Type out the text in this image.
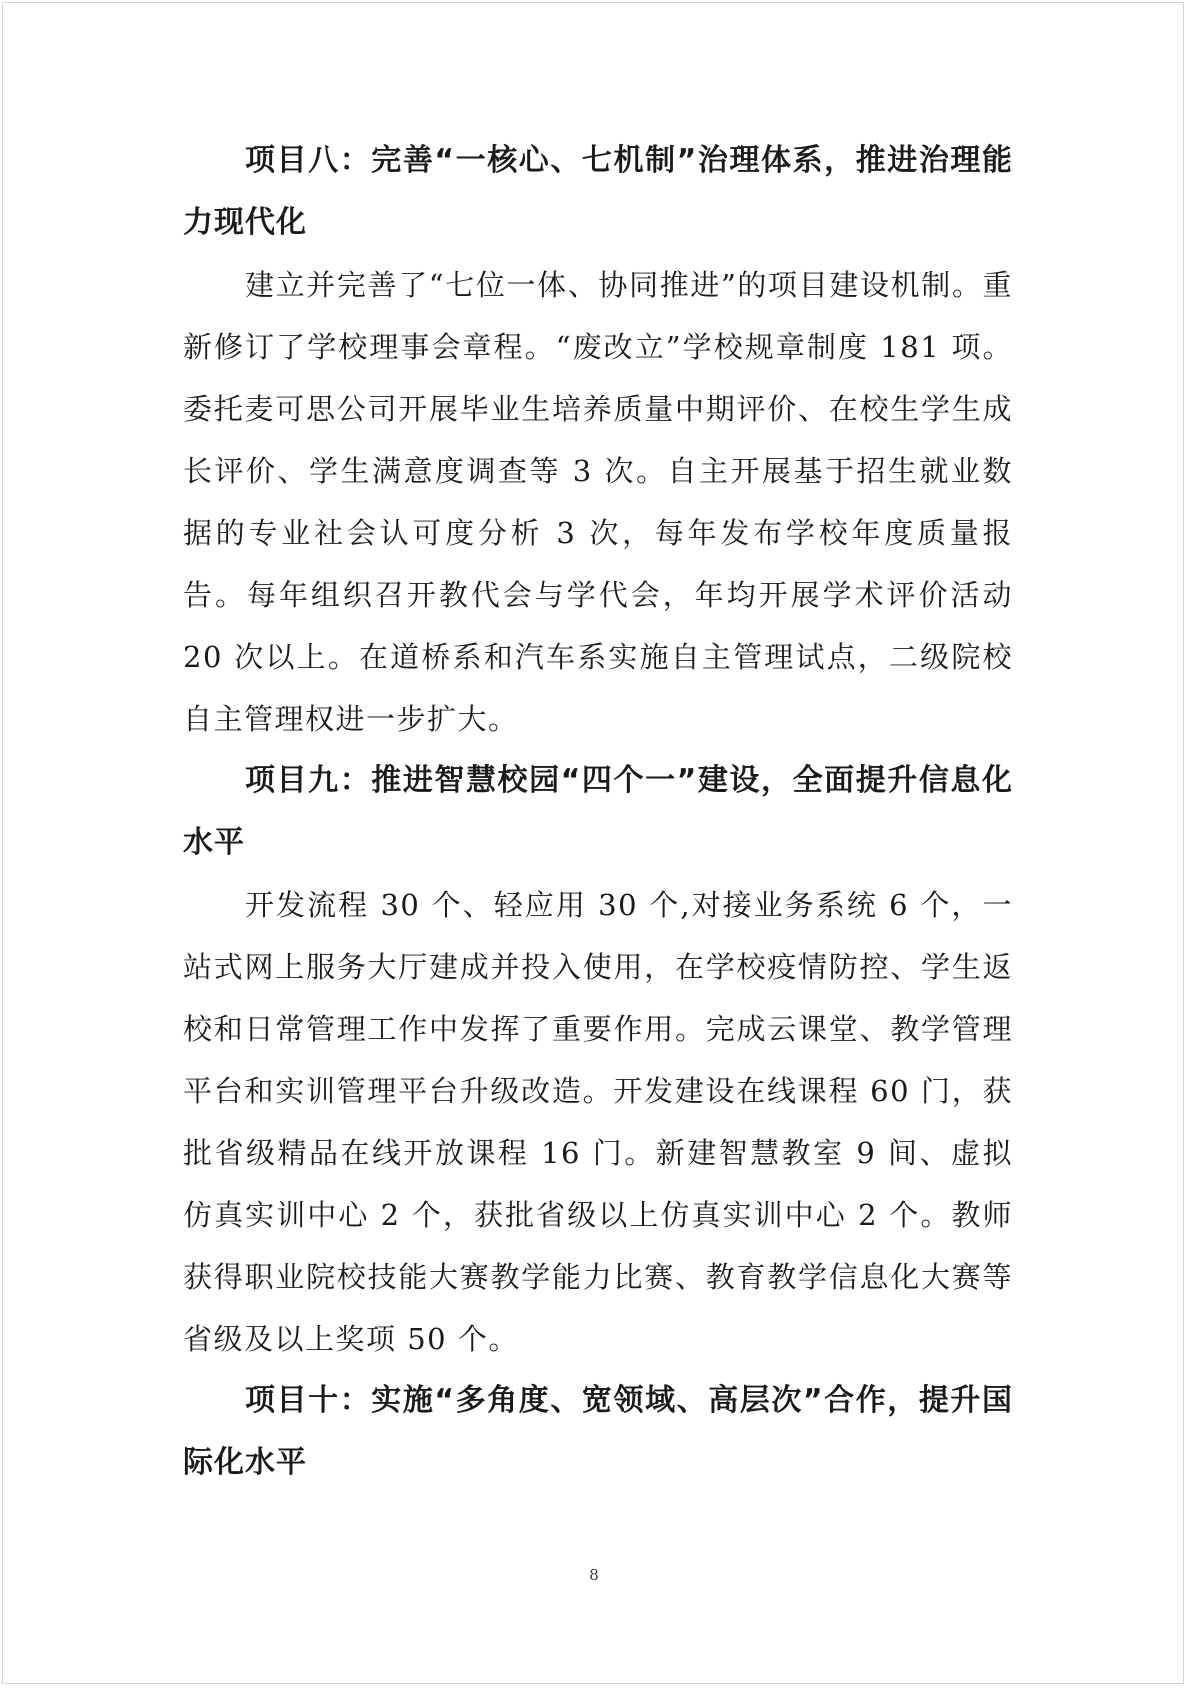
项目八：完善“一核心、七机制”治理体系，推进治理能力现代化

建立并完善了“七位一体、协同推进”的项目建设机制。重新修订了学校理事会章程。“废改立”学校规章制度 181 项。委托麦可思公司开展毕业生培养质量中期评价、在校生学生成长评价、学生满意度调查等 3 次。自主开展基于招生就业数据的专业社会认可度分析 3 次，每年发布学校年度质量报告。每年组织召开教代会与学代会，年均开展学术评价活动 20 次以上。在道桥系和汽车系实施自主管理试点，二级院校自主管理权进一步扩大。

项目九：推进智慧校园“四个一”建设，全面提升信息化水平

开发流程 30 个、轻应用 30 个,对接业务系统 6 个，一站式网上服务大厅建成并投入使用，在学校疫情防控、学生返校和日常管理工作中发挥了重要作用。完成云课堂、教学管理平台和实训管理平台升级改造。开发建设在线课程 60 门，获批省级精品在线开放课程 16 门。新建智慧教室 9 间、虚拟仿真实训中心 2 个，获批省级以上仿真实训中心 2 个。教师获得职业院校技能大赛教学能力比赛、教育教学信息化大赛等省级及以上奖项 50 个。

项目十：实施“多角度、宽领域、高层次”合作，提升国际化水平

8
